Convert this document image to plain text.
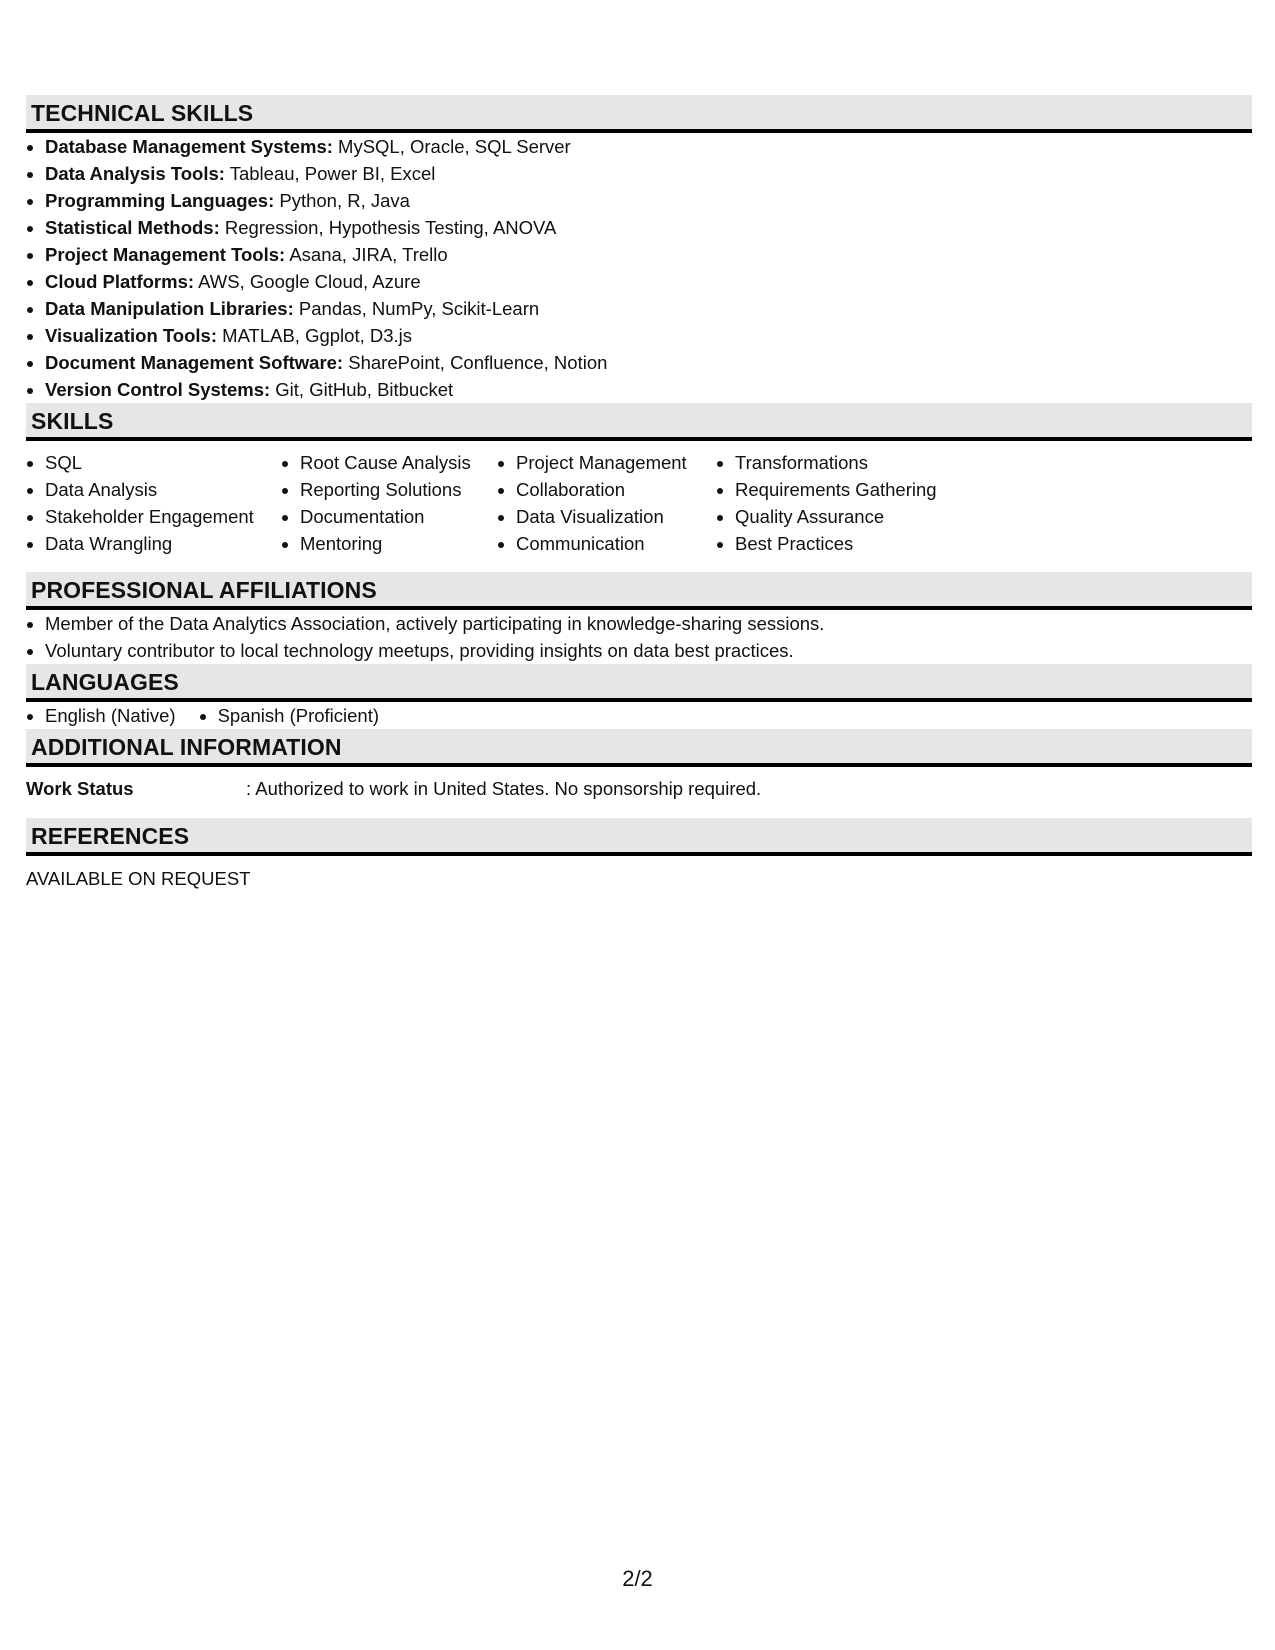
TECHNICAL SKILLS
Database Management Systems: MySQL, Oracle, SQL Server
Data Analysis Tools: Tableau, Power BI, Excel
Programming Languages: Python, R, Java
Statistical Methods: Regression, Hypothesis Testing, ANOVA
Project Management Tools: Asana, JIRA, Trello
Cloud Platforms: AWS, Google Cloud, Azure
Data Manipulation Libraries: Pandas, NumPy, Scikit-Learn
Visualization Tools: MATLAB, Ggplot, D3.js
Document Management Software: SharePoint, Confluence, Notion
Version Control Systems: Git, GitHub, Bitbucket
SKILLS
SQL
Data Analysis
Stakeholder Engagement
Data Wrangling
Root Cause Analysis
Reporting Solutions
Documentation
Mentoring
Project Management
Collaboration
Data Visualization
Communication
Transformations
Requirements Gathering
Quality Assurance
Best Practices
PROFESSIONAL AFFILIATIONS
Member of the Data Analytics Association, actively participating in knowledge-sharing sessions.
Voluntary contributor to local technology meetups, providing insights on data best practices.
LANGUAGES
English (Native)	Spanish (Proficient)
ADDITIONAL INFORMATION
Work Status	: Authorized to work in United States. No sponsorship required.
REFERENCES
AVAILABLE ON REQUEST
2/2
